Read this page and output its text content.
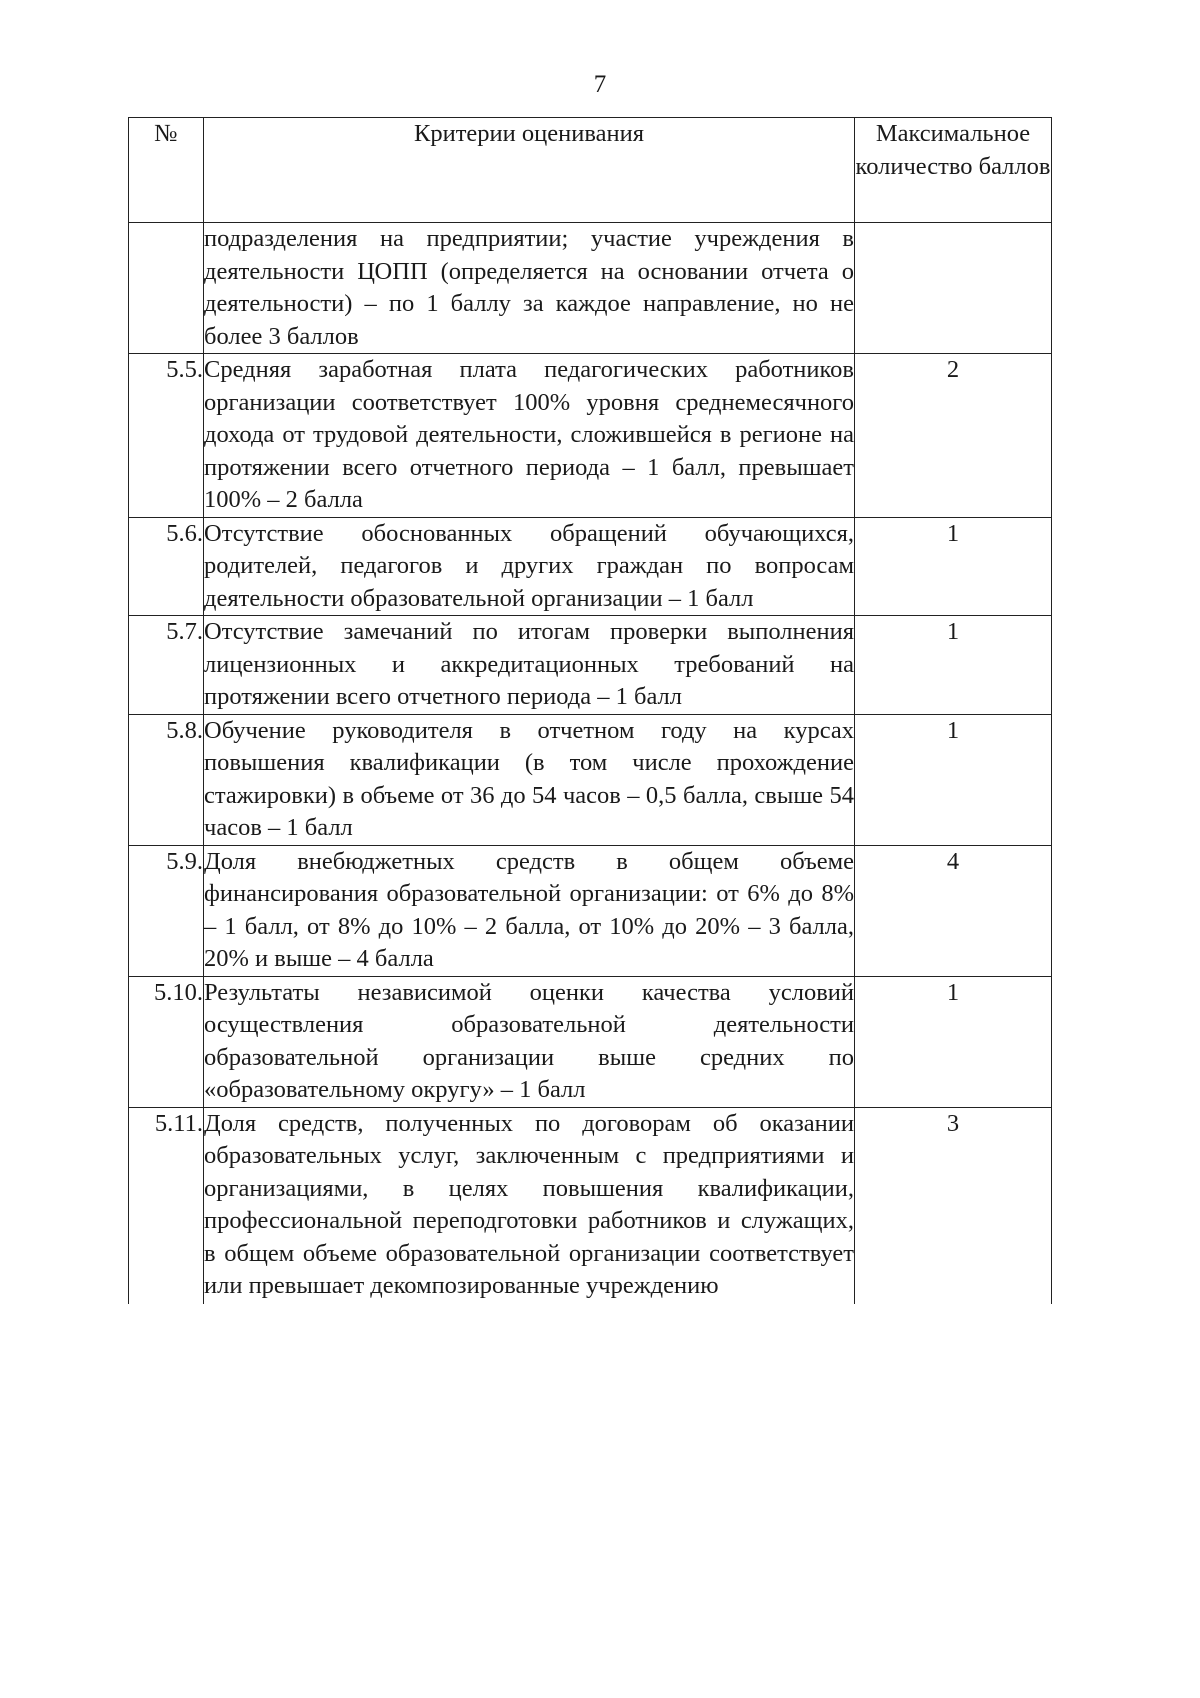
7
№	Критерии оценивания	Максимальное количество баллов
	подразделения на предприятии; участие учреждения в деятельности ЦОПП (определяется на основании отчета о деятельности) – по 1 баллу за каждое направление, но не более 3 баллов	
5.5.	Средняя заработная плата педагогических работников организации соответствует 100% уровня среднемесячного дохода от трудовой деятельности, сложившейся в регионе на протяжении всего отчетного периода – 1 балл, превышает 100% – 2 балла	2
5.6.	Отсутствие обоснованных обращений обучающихся, родителей, педагогов и других граждан по вопросам деятельности образовательной организации – 1 балл	1
5.7.	Отсутствие замечаний по итогам проверки выполнения лицензионных и аккредитационных требований на протяжении всего отчетного периода – 1 балл	1
5.8.	Обучение руководителя в отчетном году на курсах повышения квалификации (в том числе прохождение стажировки) в объеме от 36 до 54 часов – 0,5 балла, свыше 54 часов – 1 балл	1
5.9.	Доля внебюджетных средств в общем объеме финансирования образовательной организации: от 6% до 8% – 1 балл, от 8% до 10% – 2 балла, от 10% до 20% – 3 балла, 20% и выше – 4 балла	4
5.10.	Результаты независимой оценки качества условий осуществления образовательной деятельности образовательной организации выше средних по «образовательному округу» – 1 балл	1
5.11.	Доля средств, полученных по договорам об оказании образовательных услуг, заключенным с предприятиями и организациями, в целях повышения квалификации, профессиональной переподготовки работников и служащих, в общем объеме образовательной организации соответствует или превышает декомпозированные учреждению	3
